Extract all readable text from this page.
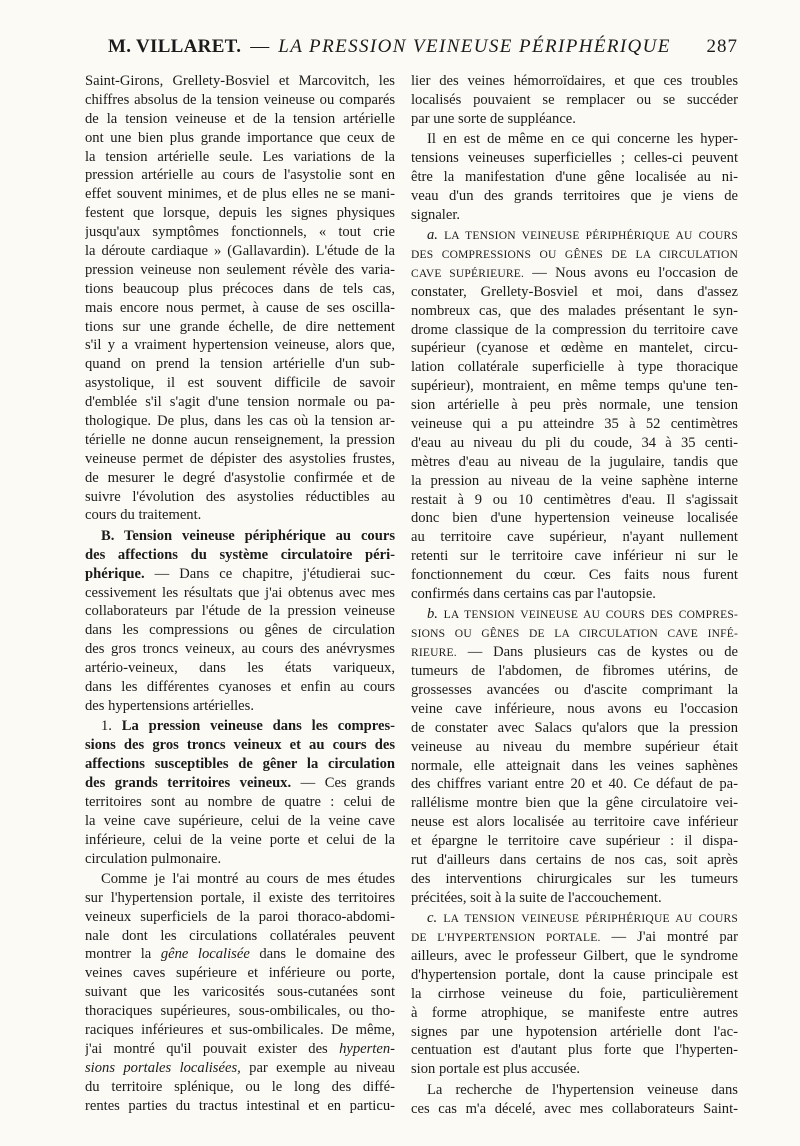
M. VILLARET. — LA PRESSION VEINEUSE PÉRIPHÉRIQUE 287
Saint-Girons, Grellety-Bosviel et Marcovitch, les
chiffres absolus de la tension veineuse ou comparés
de la tension veineuse et de la tension artérielle
ont une bien plus grande importance que ceux de
la tension artérielle seule. Les variations de la
pression artérielle au cours de l'asystolie sont en
effet souvent minimes, et de plus elles ne se mani-
festent que lorsque, depuis les signes physiques
jusqu'aux symptômes fonctionnels, « tout crie
la déroute cardiaque » (Gallavardin). L'étude de la
pression veineuse non seulement révèle des varia-
tions beaucoup plus précoces dans de tels cas,
mais encore nous permet, à cause de ses oscilla-
tions sur une grande échelle, de dire nettement
s'il y a vraiment hypertension veineuse, alors que,
quand on prend la tension artérielle d'un sub-
asystolique, il est souvent difficile de savoir
d'emblée s'il s'agit d'une tension normale ou pa-
thologique. De plus, dans les cas où la tension ar-
térielle ne donne aucun renseignement, la pression
veineuse permet de dépister des asystolies frustes,
de mesurer le degré d'asystolie confirmée et de
suivre l'évolution des asystolies réductibles au
cours du traitement.
B. Tension veineuse périphérique au cours
des affections du système circulatoire péri-
phérique. — Dans ce chapitre, j'étudierai suc-
cessivement les résultats que j'ai obtenus avec mes
collaborateurs par l'étude de la pression veineuse
dans les compressions ou gênes de circulation
des gros troncs veineux, au cours des anévrysmes
artério-veineux, dans les états variqueux,
dans les différentes cyanoses et enfin au cours
des hypertensions artérielles.
1. La pression veineuse dans les compres-
sions des gros troncs veineux et au cours des
affections susceptibles de gêner la circulation
des grands territoires veineux. — Ces grands
territoires sont au nombre de quatre : celui de
la veine cave supérieure, celui de la veine cave
inférieure, celui de la veine porte et celui de la
circulation pulmonaire.
Comme je l'ai montré au cours de mes études
sur l'hypertension portale, il existe des territoires
veineux superficiels de la paroi thoraco-abdomi-
nale dont les circulations collatérales peuvent
montrer la gêne localisée dans le domaine des
veines caves supérieure et inférieure ou porte,
suivant que les varicosités sous-cutanées sont
thoraciques supérieures, sous-ombilicales, ou tho-
raciques inférieures et sus-ombilicales. De même,
j'ai montré qu'il pouvait exister des hyperten-
sions portales localisées, par exemple au niveau
du territoire splénique, ou le long des diffé-
rentes parties du tractus intestinal et en particu-
lier des veines hémorroïdaires, et que ces troubles
localisés pouvaient se remplacer ou se succéder
par une sorte de suppléance.
Il en est de même en ce qui concerne les hyper-
tensions veineuses superficielles ; celles-ci peuvent
être la manifestation d'une gêne localisée au ni-
veau d'un des grands territoires que je viens de
signaler.
a. LA TENSION VEINEUSE PÉRIPHÉRIQUE AU COURS
DES COMPRESSIONS OU GÊNES DE LA CIRCULATION
CAVE SUPÉRIEURE. — Nous avons eu l'occasion de
constater, Grellety-Bosviel et moi, dans d'assez
nombreux cas, que des malades présentant le syn-
drome classique de la compression du territoire cave
supérieur (cyanose et œdème en mantelet, circu-
lation collatérale superficielle à type thoracique
supérieur), montraient, en même temps qu'une ten-
sion artérielle à peu près normale, une tension
veineuse qui a pu atteindre 35 à 52 centimètres
d'eau au niveau du pli du coude, 34 à 35 centi-
mètres d'eau au niveau de la jugulaire, tandis que
la pression au niveau de la veine saphène interne
restait à 9 ou 10 centimètres d'eau. Il s'agissait
donc bien d'une hypertension veineuse localisée
au territoire cave supérieur, n'ayant nullement
retenti sur le territoire cave inférieur ni sur le
fonctionnement du cœur. Ces faits nous furent
confirmés dans certains cas par l'autopsie.
b. LA TENSION VEINEUSE AU COURS DES COMPRES-
SIONS OU GÊNES DE LA CIRCULATION CAVE INFÉ-
RIEURE. — Dans plusieurs cas de kystes ou de
tumeurs de l'abdomen, de fibromes utérins, de
grossesses avancées ou d'ascite comprimant la
veine cave inférieure, nous avons eu l'occasion
de constater avec Salacs qu'alors que la pression
veineuse au niveau du membre supérieur était
normale, elle atteignait dans les veines saphènes
des chiffres variant entre 20 et 40. Ce défaut de pa-
rallélisme montre bien que la gêne circulatoire vei-
neuse est alors localisée au territoire cave inférieur
et épargne le territoire cave supérieur : il dispa-
rut d'ailleurs dans certains de nos cas, soit après
des interventions chirurgicales sur les tumeurs
précitées, soit à la suite de l'accouchement.
c. LA TENSION VEINEUSE PÉRIPHÉRIQUE AU COURS
DE L'HYPERTENSION PORTALE. — J'ai montré par
ailleurs, avec le professeur Gilbert, que le syndrome
d'hypertension portale, dont la cause principale est
la cirrhose veineuse du foie, particulièrement
à forme atrophique, se manifeste entre autres
signes par une hypotension artérielle dont l'ac-
centuation est d'autant plus forte que l'hyperten-
sion portale est plus accusée.
La recherche de l'hypertension veineuse dans
ces cas m'a décelé, avec mes collaborateurs Saint-
